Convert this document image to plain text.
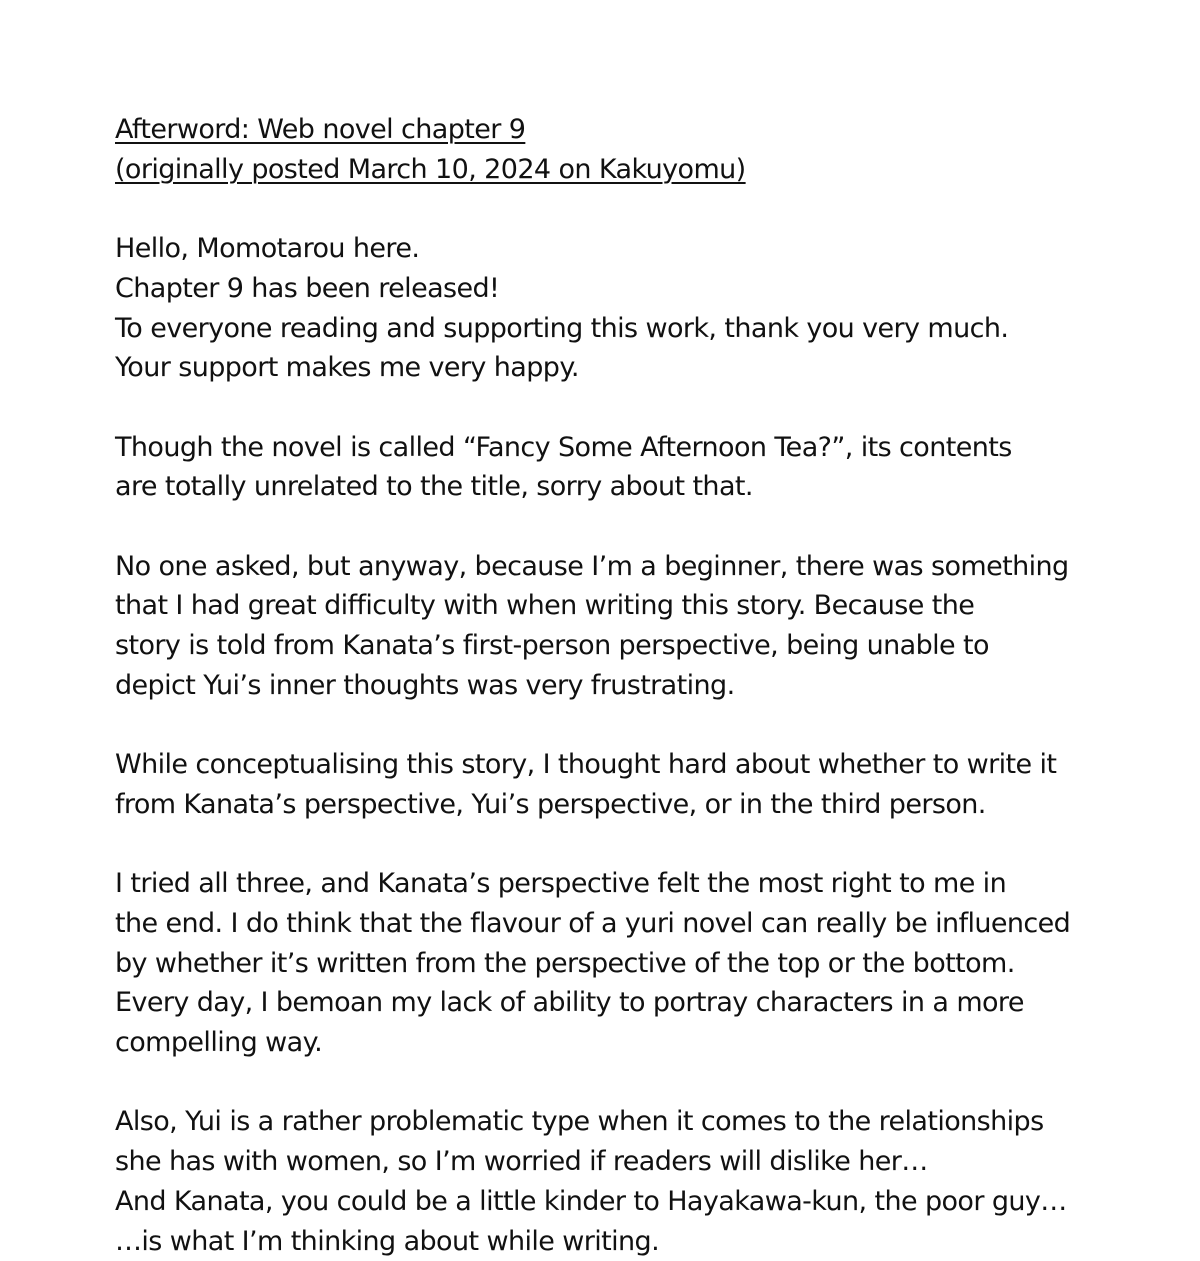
Afterword: Web novel chapter 9
(originally posted March 10, 2024 on Kakuyomu)
Hello, Momotarou here.
Chapter 9 has been released!
To everyone reading and supporting this work, thank you very much.
Your support makes me very happy.
Though the novel is called “Fancy Some Afternoon Tea?”, its contents
are totally unrelated to the title, sorry about that.
No one asked, but anyway, because I’m a beginner, there was something
that I had great difficulty with when writing this story. Because the
story is told from Kanata’s first-person perspective, being unable to
depict Yui’s inner thoughts was very frustrating.
While conceptualising this story, I thought hard about whether to write it
from Kanata’s perspective, Yui’s perspective, or in the third person.
I tried all three, and Kanata’s perspective felt the most right to me in
the end. I do think that the flavour of a yuri novel can really be influenced
by whether it’s written from the perspective of the top or the bottom.
Every day, I bemoan my lack of ability to portray characters in a more
compelling way.
Also, Yui is a rather problematic type when it comes to the relationships
she has with women, so I’m worried if readers will dislike her…
And Kanata, you could be a little kinder to Hayakawa-kun, the poor guy…
…is what I’m thinking about while writing.
